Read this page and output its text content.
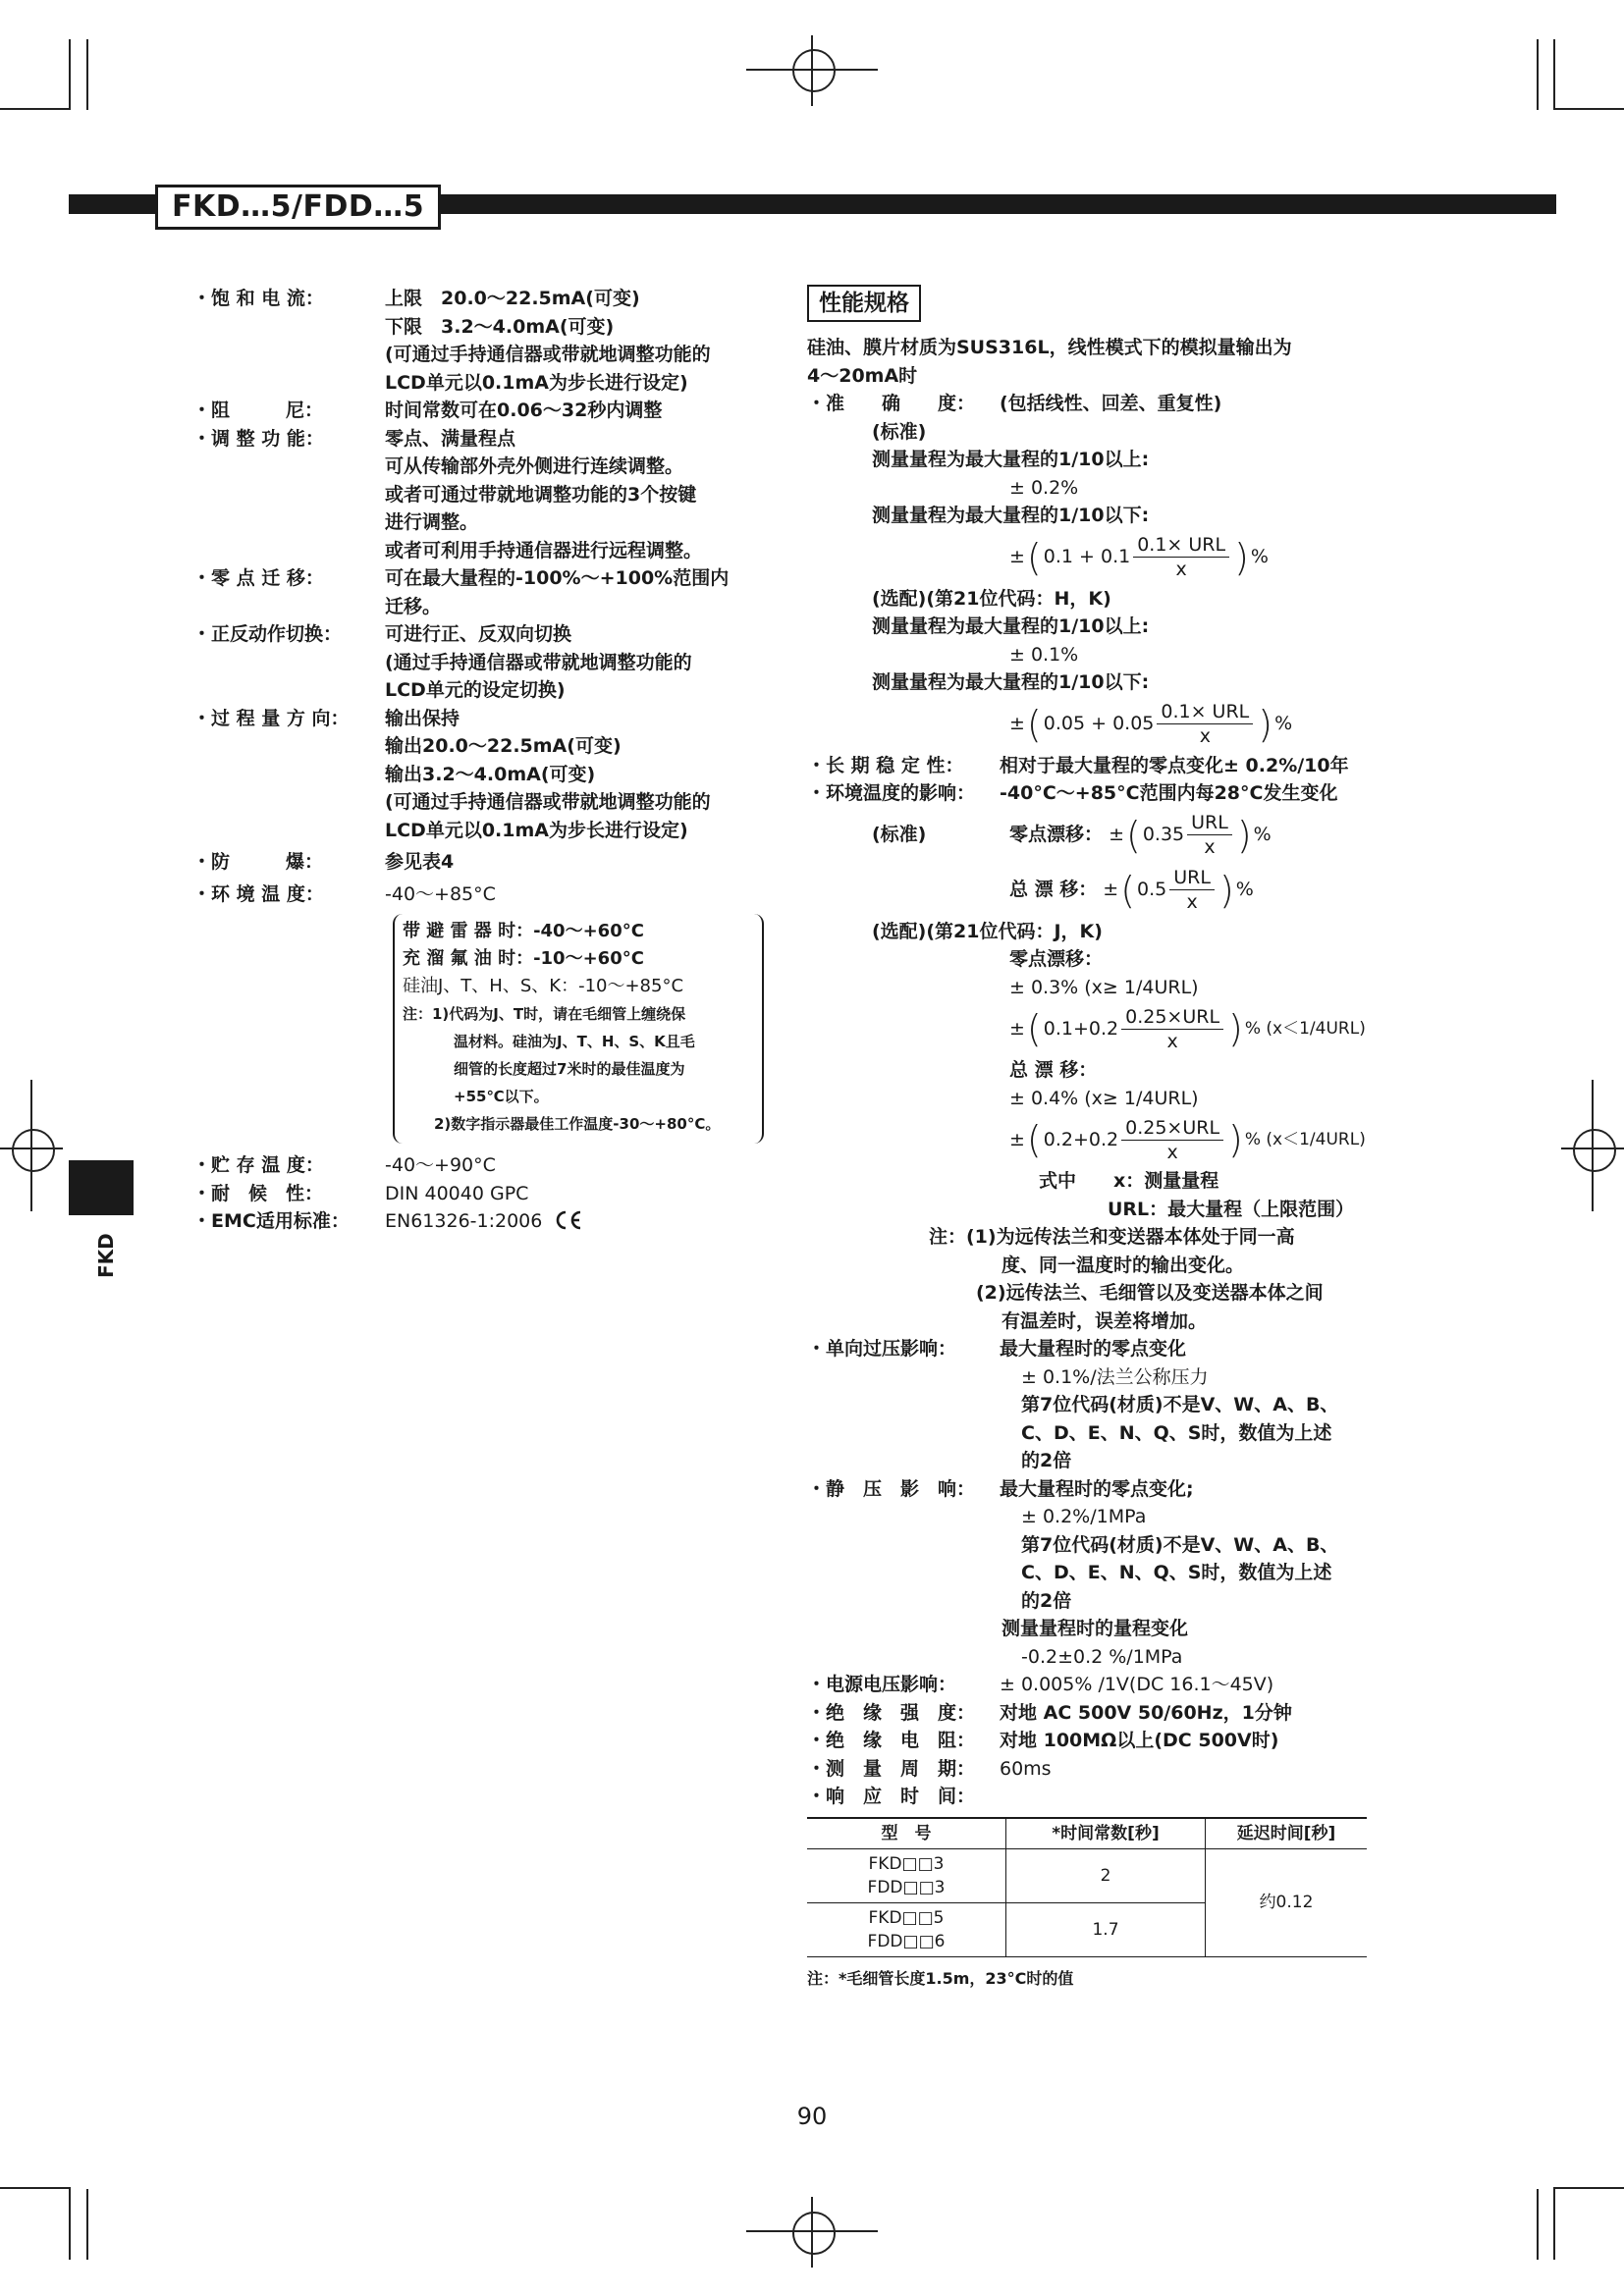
FKD…5/FDD…5
FKD
・饱 和 电 流：	上限　20.0～22.5mA(可变)
下限　3.2～4.0mA(可变)
(可通过手持通信器或带就地调整功能的
LCD单元以0.1mA为步长进行设定)
・阻　　　尼：	时间常数可在0.06～32秒内调整
・调 整 功 能：	零点、满量程点
可从传输部外壳外侧进行连续调整。
或者可通过带就地调整功能的3个按键
进行调整。
或者可利用手持通信器进行远程调整。
・零 点 迁 移：	可在最大量程的-100%～+100%范围内
迁移。
・正反动作切换：	可进行正、反双向切换
(通过手持通信器或带就地调整功能的
LCD单元的设定切换)
・过 程 量 方 向：	输出保持
输出20.0～22.5mA(可变)
输出3.2～4.0mA(可变)
(可通过手持通信器或带就地调整功能的
LCD单元以0.1mA为步长进行设定)
・防　　　爆：	参见表4
・环 境 温 度：	-40～+85°C
带 避 雷 器 时：-40～+60°C
充 溜 氟 油 时：-10～+60°C
硅油J、T、H、S、K：-10～+85°C
注：1)代码为J、T时，请在毛细管上缠绕保
温材料。硅油为J、T、H、S、K且毛
细管的长度超过7米时的最佳温度为
+55℃以下。
2)数字指示器最佳工作温度-30～+80°C。
・贮 存 温 度：	-40～+90°C
・耐　候　性：	DIN 40040 GPC
・EMC适用标准：	EN61326-1:2006
性能规格
硅油、膜片材质为SUS316L，线性模式下的模拟量输出为
4～20mA时
・准　　确　　度：	(包括线性、回差、重复性)
(标准)
测量量程为最大量程的1/10以上:
± 0.2%
测量量程为最大量程的1/10以下:
± ( 0.1
+ $0.1 \frac{\text{0.1× URL}}{x}$ ) %
(选配)(第21位代码：H，K)
测量量程为最大量程的1/10以上:
± 0.1%
测量量程为最大量程的1/10以下:
± ( 0.05
+ $0.05 \frac{\text{0.1× URL}}{x}$ ) %
・长 期 稳 定 性：	相对于最大量程的零点变化± 0.2%/10年
・环境温度的影响：	-40°C～+85°C范围内每28°C发生变化
(标准)	零点漂移：
± ( $0.35 \frac{\text{URL}}{x}$ ) %
总 漂 移：
± ( $0.5 \frac{\text{URL}}{x}$ ) %
(选配)(第21位代码：J，K)
零点漂移：
± 0.3% (x≥ 1/4URL)
± ( $0.1+0.2 \frac{\text{0.25×URL}}{x}$ ) % (x＜1/4URL)
总 漂 移：
± 0.4% (x≥ 1/4URL)
± ( $0.2+0.2 \frac{\text{0.25×URL}}{x}$ ) % (x＜1/4URL)
式中　　x：测量量程
URL：最大量程（上限范围）
注：(1)为远传法兰和变送器本体处于同一高
度、同一温度时的输出变化。
(2)远传法兰、毛细管以及变送器本体之间
有温差时，误差将增加。
・单向过压影响：	最大量程时的零点变化
± 0.1%/法兰公称压力
第7位代码(材质)不是V、W、A、B、
C、D、E、N、Q、S时，数值为上述
的2倍
・静　压　影　响：	最大量程时的零点变化;
± 0.2%/1MPa
第7位代码(材质)不是V、W、A、B、
C、D、E、N、Q、S时，数值为上述
的2倍
测量量程时的量程变化
-0.2±0.2 %/1MPa
・电源电压影响：	± 0.005% /1V(DC 16.1～45V)
・绝　缘　强　度：	对地 AC 500V 50/60Hz，1分钟
・绝　缘　电　阻：	对地 100MΩ以上(DC 500V时)
・测　量　周　期：	60ms
・响　应　时　间：
型　号	*时间常数[秒]	延迟时间[秒]

FKD□□3
FDD□□3	2	约0.12

FKD□□5
FDD□□6	1.7	
注：*毛细管长度1.5m，23°C时的值
90
